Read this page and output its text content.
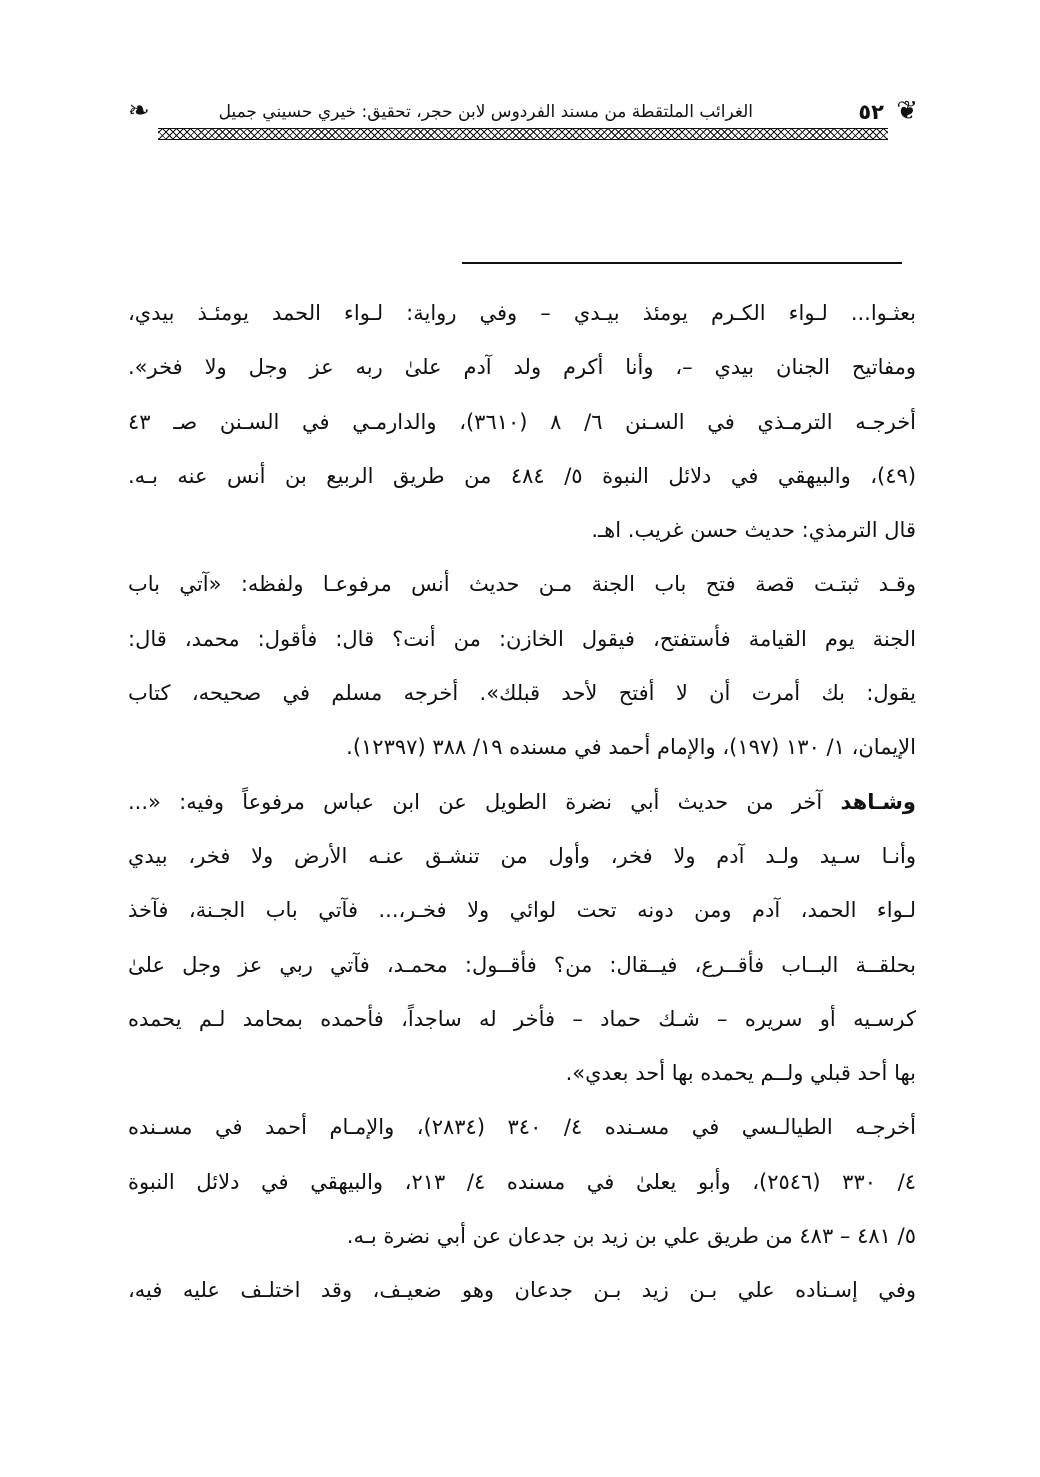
❦
٥٢
الغرائب الملتقطة من مسند الفردوس لابن حجر، تحقيق: خيري حسيني جميل
❧
بعثـوا... لـواء الكـرم يومئذ بيـدي – وفي رواية: لـواء الحمد يومئـذ بيدي،
ومفاتيح الجنان بيدي –، وأنا أكرم ولد آدم علىٰ ربه عز وجل ولا فخر».
أخرجـه الترمـذي في السـنن ٦/ ٨ (٣٦١٠)، والدارمـي في السـنن صـ ٤٣
(٤٩)، والبيهقي في دلائل النبوة ٥/ ٤٨٤ من طريق الربيع بن أنس عنه بـه.
قال الترمذي: حديث حسن غريب. اهـ.
وقـد ثبتـت قصة فتح باب الجنة مـن حديث أنس مرفوعـا ولفظه: «آتي باب
الجنة يوم القيامة فأستفتح، فيقول الخازن: من أنت؟ قال: فأقول: محمد، قال:
يقول: بك أمرت أن لا أفتح لأحد قبلك». أخرجه مسلم في صحيحه، كتاب
الإيمان، ١/ ١٣٠ (١٩٧)، والإمام أحمد في مسنده ١٩/ ٣٨٨ (١٢٣٩٧).
وشـاهد آخر من حديث أبي نضرة الطويل عن ابن عباس مرفوعاً وفيه: «...
وأنـا سـيد ولـد آدم ولا فخر، وأول من تنشـق عنـه الأرض ولا فخر، بيدي
لـواء الحمد، آدم ومن دونه تحت لوائي ولا فخـر،... فآتي باب الجـنة، فآخذ
بحلقــة البــاب فأقــرع، فيــقال: من؟ فأقــول: محمـد، فآتي ربي عز وجل علىٰ
كرسـيه أو سريره – شـك حماد – فأخر له ساجداً، فأحمده بمحامد لـم يحمده
بها أحد قبلي ولــم يحمده بها أحد بعدي».
أخرجـه الطيالـسي في مسـنده ٤/ ٣٤٠ (٢٨٣٤)، والإمـام أحمد في مسـنده
٤/ ٣٣٠ (٢٥٤٦)، وأبو يعلىٰ في مسنده ٤/ ٢١٣، والبيهقي في دلائل النبوة
٥/ ٤٨١ – ٤٨٣ من طريق علي بن زيد بن جدعان عن أبي نضرة بـه.
وفي إسـناده علي بـن زيد بـن جدعان وهو ضعيـف، وقد اختلـف عليه فيه،
